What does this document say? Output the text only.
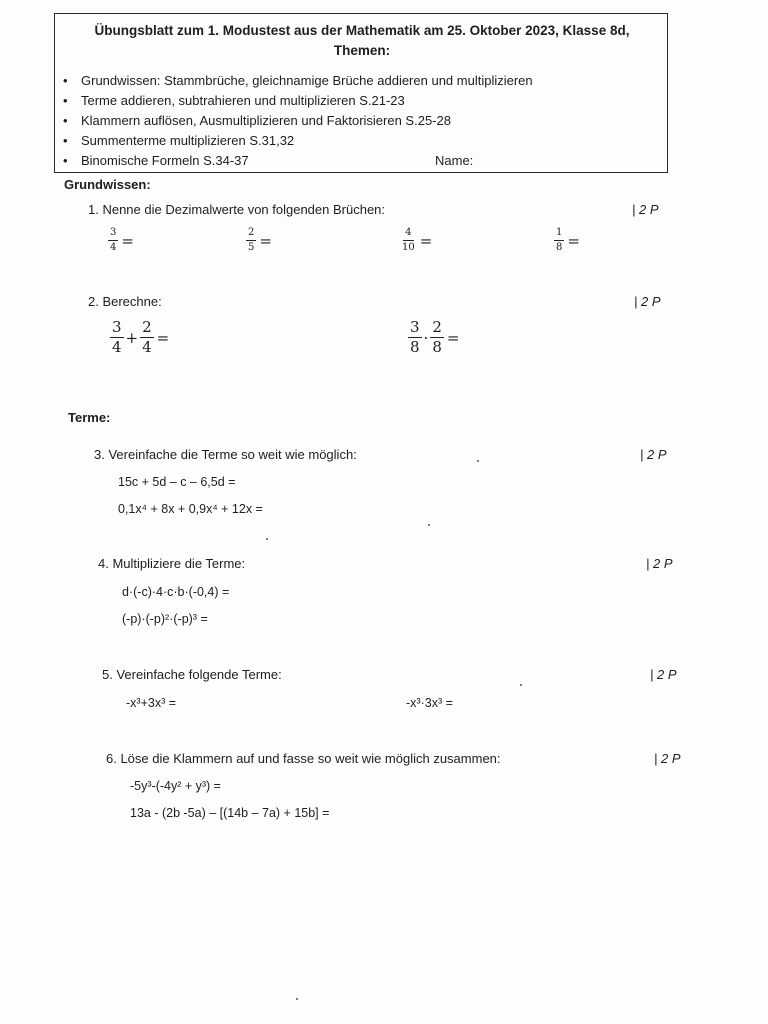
Übungsblatt zum 1. Modustest aus der Mathematik am 25. Oktober 2023, Klasse 8d,
Themen:
• Grundwissen: Stammbrüche, gleichnamige Brüche addieren und multiplizieren
• Terme addieren, subtrahieren und multiplizieren S.21-23
• Klammern auflösen, Ausmultiplizieren und Faktorisieren S.25-28
• Summenterme multiplizieren S.31,32
• Binomische Formeln S.34-37	Name:
Grundwissen:
1. Nenne die Dezimalwerte von folgenden Brüchen:	| 2 P
$\frac{3}{4}$ =	$\frac{2}{5}$ =	$\frac{4}{10}$ =	$\frac{1}{8}$ =
2. Berechne:	| 2 P
3
4
+ $\frac{2}{4}$ =
3
8
· $\frac{2}{8}$ =
Terme:
3. Vereinfache die Terme so weit wie möglich:	| 2 P
15c + 5d – c – 6,5d =
0,1x⁴ + 8x + 0,9x⁴ + 12x =
4. Multipliziere die Terme:	| 2 P
d·(-c)·4·c·b·(-0,4) =
(-p)·(-p)²·(-p)³ =
5. Vereinfache folgende Terme:	| 2 P
-x³+3x³ =	-x³·3x³ =
6. Löse die Klammern auf und fasse so weit wie möglich zusammen:	| 2 P
-5y³-(-4y² + y³) =
13a - (2b -5a) – [(14b – 7a) + 15b] =
